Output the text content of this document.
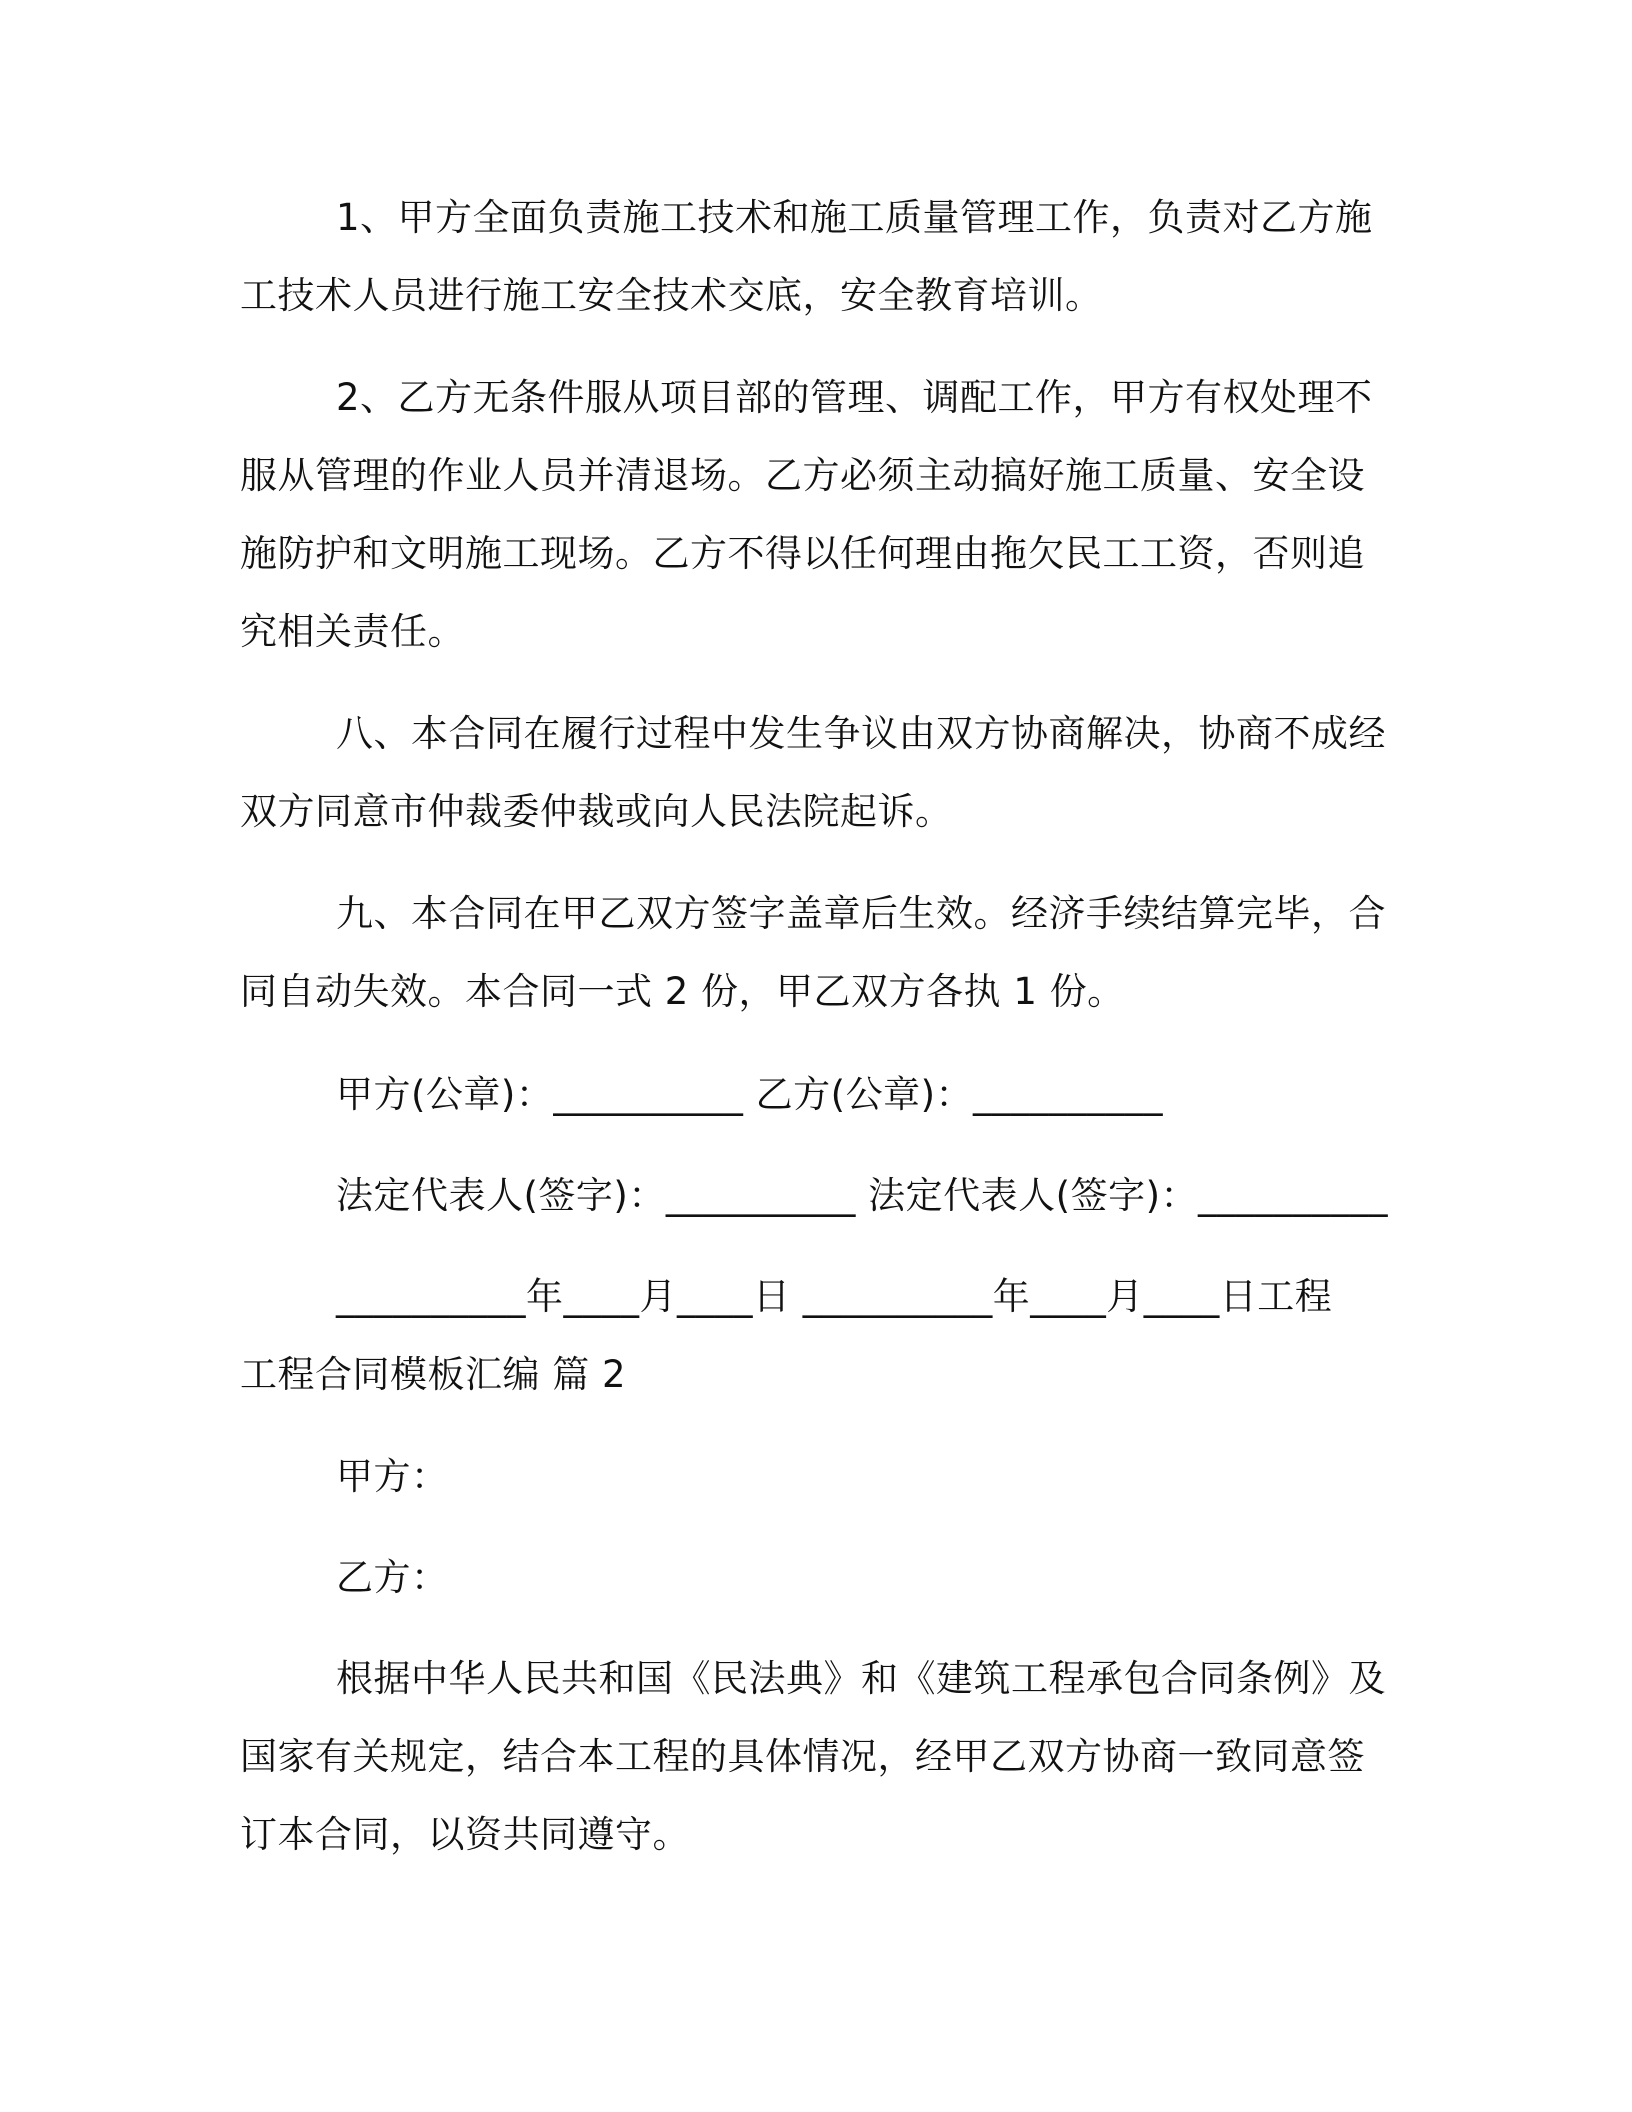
1、甲方全面负责施工技术和施工质量管理工作，负责对乙方施
工技术人员进行施工安全技术交底，安全教育培训。
2、乙方无条件服从项目部的管理、调配工作，甲方有权处理不
服从管理的作业人员并清退场。乙方必须主动搞好施工质量、安全设
施防护和文明施工现场。乙方不得以任何理由拖欠民工工资，否则追
究相关责任。
八、本合同在履行过程中发生争议由双方协商解决，协商不成经
双方同意市仲裁委仲裁或向人民法院起诉。
九、本合同在甲乙双方签字盖章后生效。经济手续结算完毕，合
同自动失效。本合同一式 2 份，甲乙双方各执 1 份。
甲方(公章)：__________ 乙方(公章)：__________
法定代表人(签字)：__________ 法定代表人(签字)：__________
__________年____月____日 __________年____月____日工程
工程合同模板汇编 篇 2
甲方：
乙方：
根据中华人民共和国《民法典》和《建筑工程承包合同条例》及
国家有关规定，结合本工程的具体情况，经甲乙双方协商一致同意签
订本合同，以资共同遵守。
